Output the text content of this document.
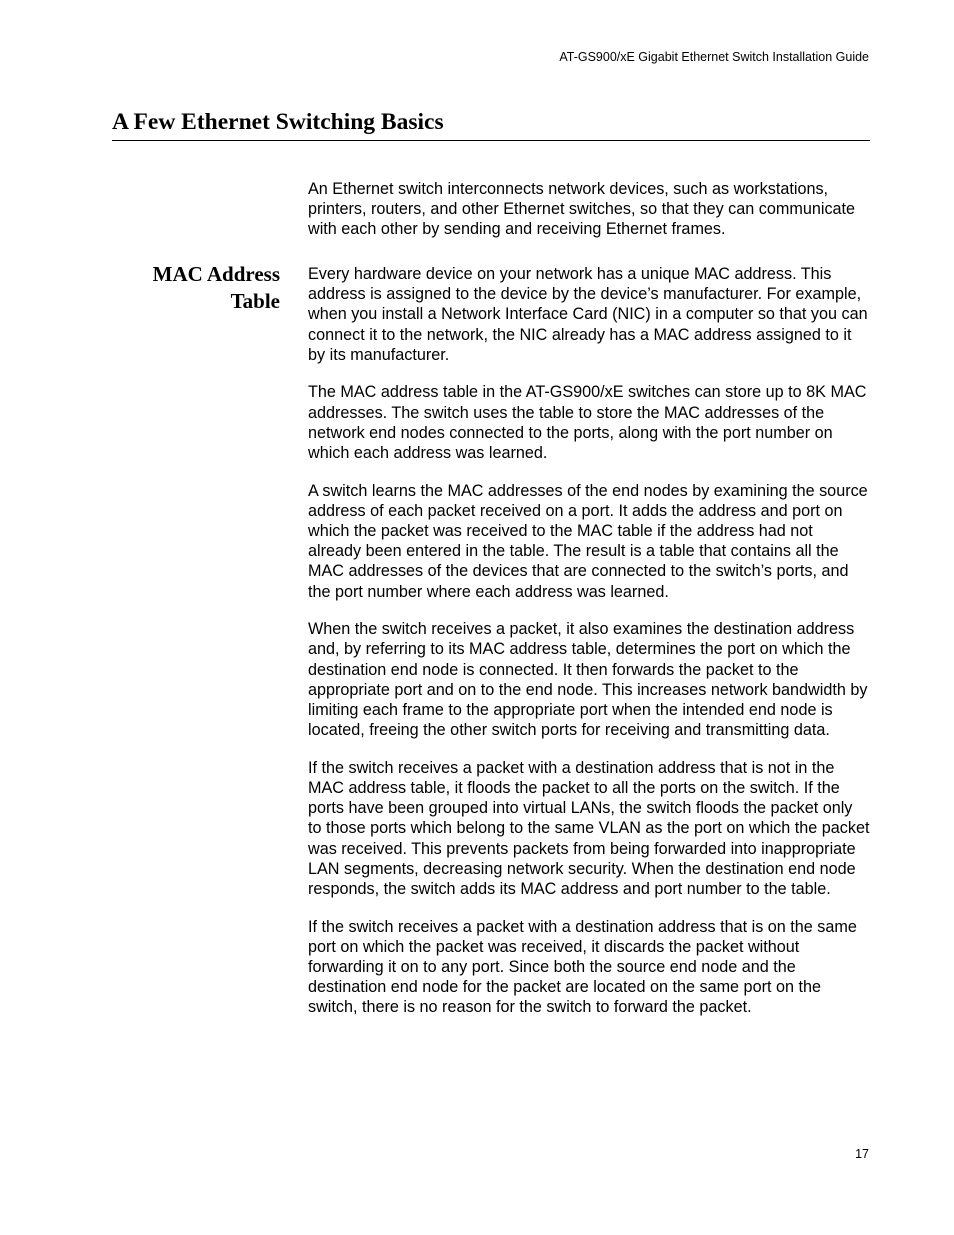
AT-GS900/xE Gigabit Ethernet Switch Installation Guide
A Few Ethernet Switching Basics

An Ethernet switch interconnects network devices, such as workstations, printers, routers, and other Ethernet switches, so that they can communicate with each other by sending and receiving Ethernet frames.

MAC Address
Table

Every hardware device on your network has a unique MAC address. This address is assigned to the device by the device’s manufacturer. For example, when you install a Network Interface Card (NIC) in a computer so that you can connect it to the network, the NIC already has a MAC address assigned to it by its manufacturer.

The MAC address table in the AT-GS900/xE switches can store up to 8K MAC addresses. The switch uses the table to store the MAC addresses of the network end nodes connected to the ports, along with the port number on which each address was learned.

A switch learns the MAC addresses of the end nodes by examining the source address of each packet received on a port. It adds the address and port on which the packet was received to the MAC table if the address had not already been entered in the table. The result is a table that contains all the MAC addresses of the devices that are connected to the switch’s ports, and the port number where each address was learned.

When the switch receives a packet, it also examines the destination address and, by referring to its MAC address table, determines the port on which the destination end node is connected. It then forwards the packet to the appropriate port and on to the end node. This increases network bandwidth by limiting each frame to the appropriate port when the intended end node is located, freeing the other switch ports for receiving and transmitting data.

If the switch receives a packet with a destination address that is not in the MAC address table, it floods the packet to all the ports on the switch. If the ports have been grouped into virtual LANs, the switch floods the packet only to those ports which belong to the same VLAN as the port on which the packet was received. This prevents packets from being forwarded into inappropriate LAN segments, decreasing network security. When the destination end node responds, the switch adds its MAC address and port number to the table.

If the switch receives a packet with a destination address that is on the same port on which the packet was received, it discards the packet without forwarding it on to any port. Since both the source end node and the destination end node for the packet are located on the same port on the switch, there is no reason for the switch to forward the packet.

17
